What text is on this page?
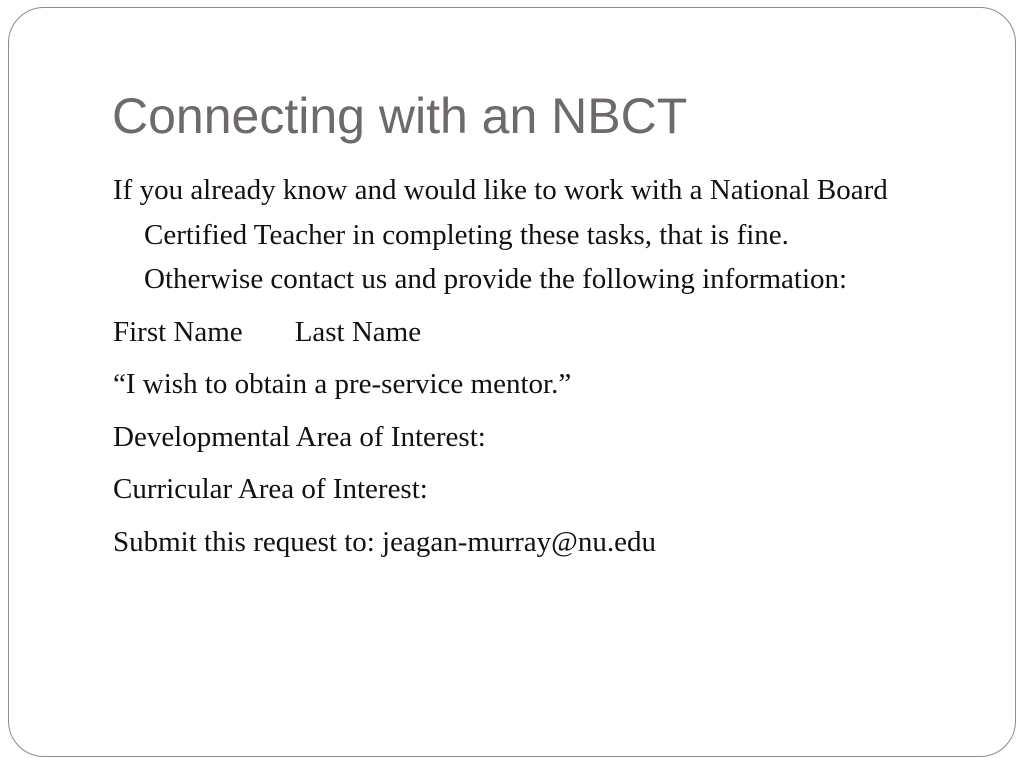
Connecting with an NBCT

If you already know and would like to work with a National Board Certified Teacher in completing these tasks, that is fine. Otherwise contact us and provide the following information:

First Name Last Name

“I wish to obtain a pre-service mentor.”

Developmental Area of Interest:

Curricular Area of Interest:

Submit this request to: jeagan-murray@nu.edu
